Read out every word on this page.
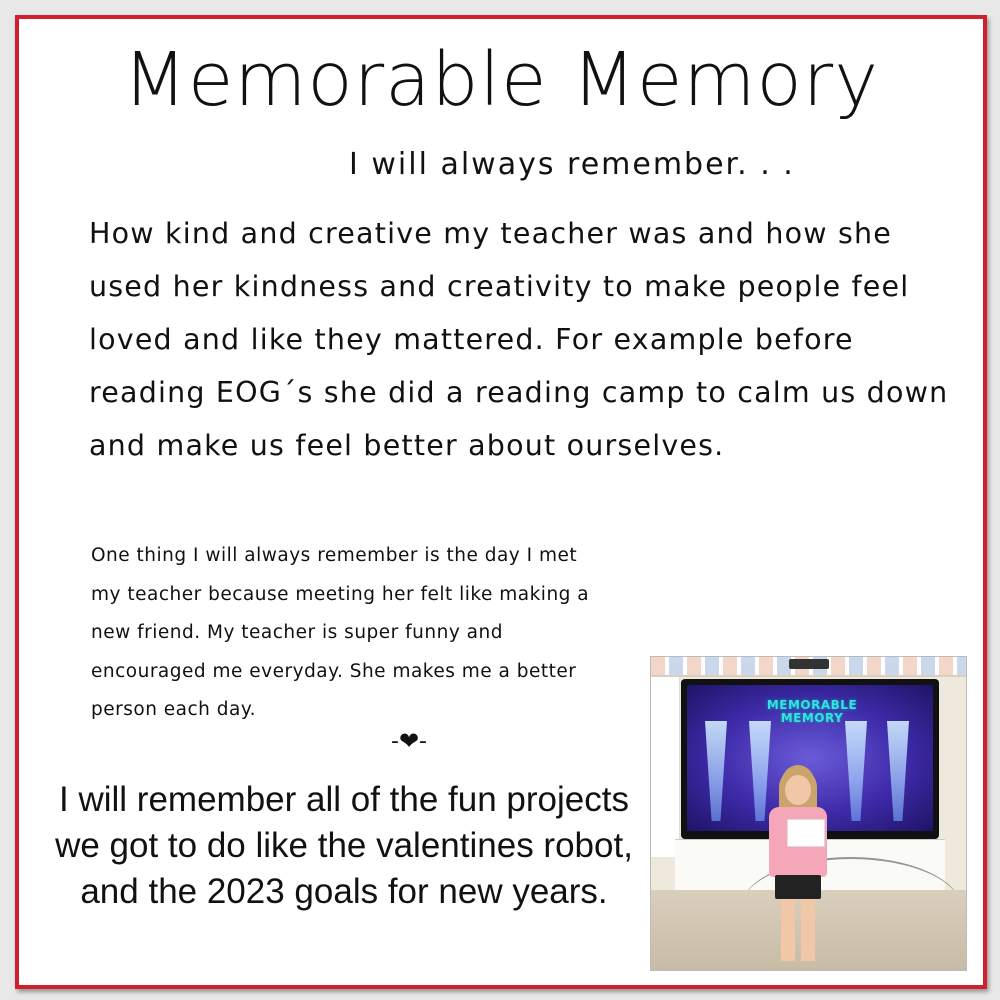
Memorable Memory
I will always remember. . .

How kind and creative my teacher was and how she used her kindness and creativity to make people feel loved and like they mattered. For example before reading EOG´s she did a reading camp to calm us down and make us feel better about ourselves.

One thing I will always remember is the day I met
my teacher because meeting her felt like making a
new friend. My teacher is super funny and
encouraged me everyday. She makes me a better
person each day.

-❤-

I will remember all of the fun projects we got to do like the valentines robot, and the 2023 goals for new years.

MEMORABLE MEMORY
